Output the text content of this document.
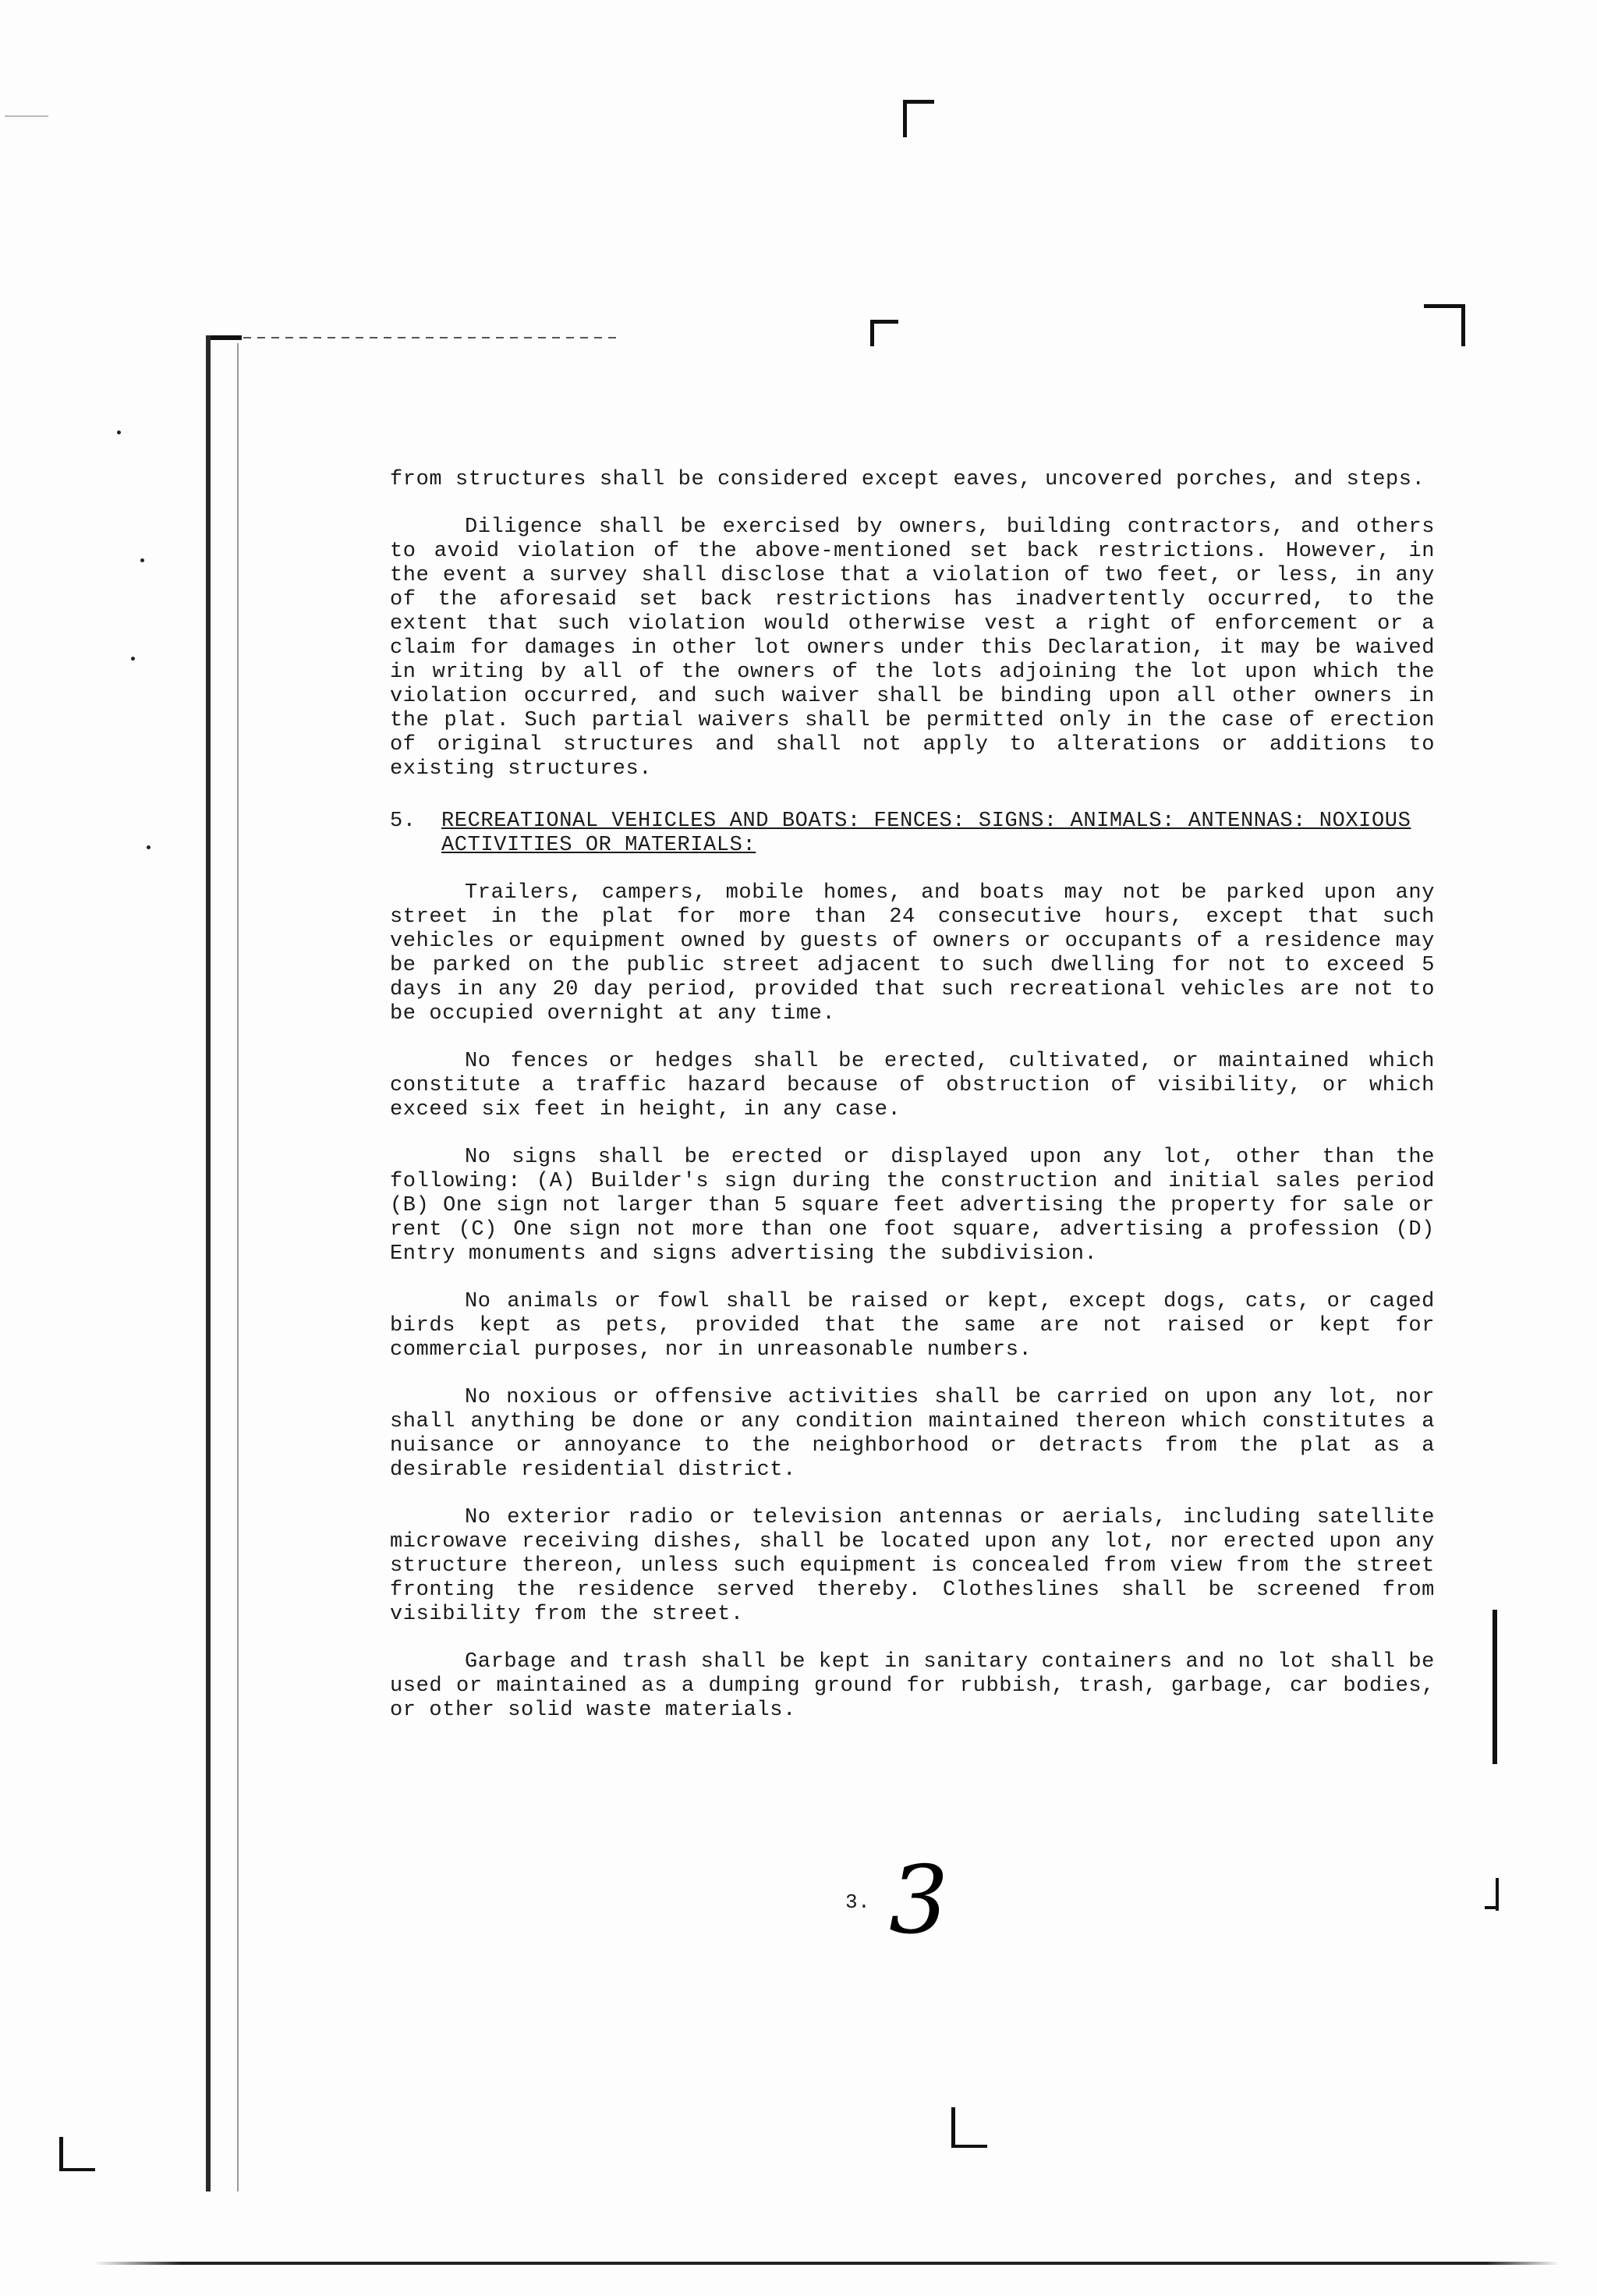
from structures shall be considered except eaves, uncovered porches, and steps.

Diligence shall be exercised by owners, building contractors, and others to avoid violation of the above-mentioned set back restrictions. However, in the event a survey shall disclose that a violation of two feet, or less, in any of the aforesaid set back restrictions has inadvertently occurred, to the extent that such violation would otherwise vest a right of enforcement or a claim for damages in other lot owners under this Declaration, it may be waived in writing by all of the owners of the lots adjoining the lot upon which the violation occurred, and such waiver shall be binding upon all other owners in the plat. Such partial waivers shall be permitted only in the case of erection of original structures and shall not apply to alterations or additions to existing structures.

5.	RECREATIONAL VEHICLES AND BOATS: FENCES: SIGNS: ANIMALS: ANTENNAS: NOXIOUS ACTIVITIES OR MATERIALS:

Trailers, campers, mobile homes, and boats may not be parked upon any street in the plat for more than 24 consecutive hours, except that such vehicles or equipment owned by guests of owners or occupants of a residence may be parked on the public street adjacent to such dwelling for not to exceed 5 days in any 20 day period, provided that such recreational vehicles are not to be occupied overnight at any time.

No fences or hedges shall be erected, cultivated, or maintained which constitute a traffic hazard because of obstruction of visibility, or which exceed six feet in height, in any case.

No signs shall be erected or displayed upon any lot, other than the following: (A) Builder's sign during the construction and initial sales period (B) One sign not larger than 5 square feet advertising the property for sale or rent (C) One sign not more than one foot square, advertising a profession (D) Entry monuments and signs advertising the subdivision.

No animals or fowl shall be raised or kept, except dogs, cats, or caged birds kept as pets, provided that the same are not raised or kept for commercial purposes, nor in unreasonable numbers.

No noxious or offensive activities shall be carried on upon any lot, nor shall anything be done or any condition maintained thereon which constitutes a nuisance or annoyance to the neighborhood or detracts from the plat as a desirable residential district.

No exterior radio or television antennas or aerials, including satellite microwave receiving dishes, shall be located upon any lot, nor erected upon any structure thereon, unless such equipment is concealed from view from the street fronting the residence served thereby. Clotheslines shall be screened from visibility from the street.

Garbage and trash shall be kept in sanitary containers and no lot shall be used or maintained as a dumping ground for rubbish, trash, garbage, car bodies, or other solid waste materials.

3. 3
